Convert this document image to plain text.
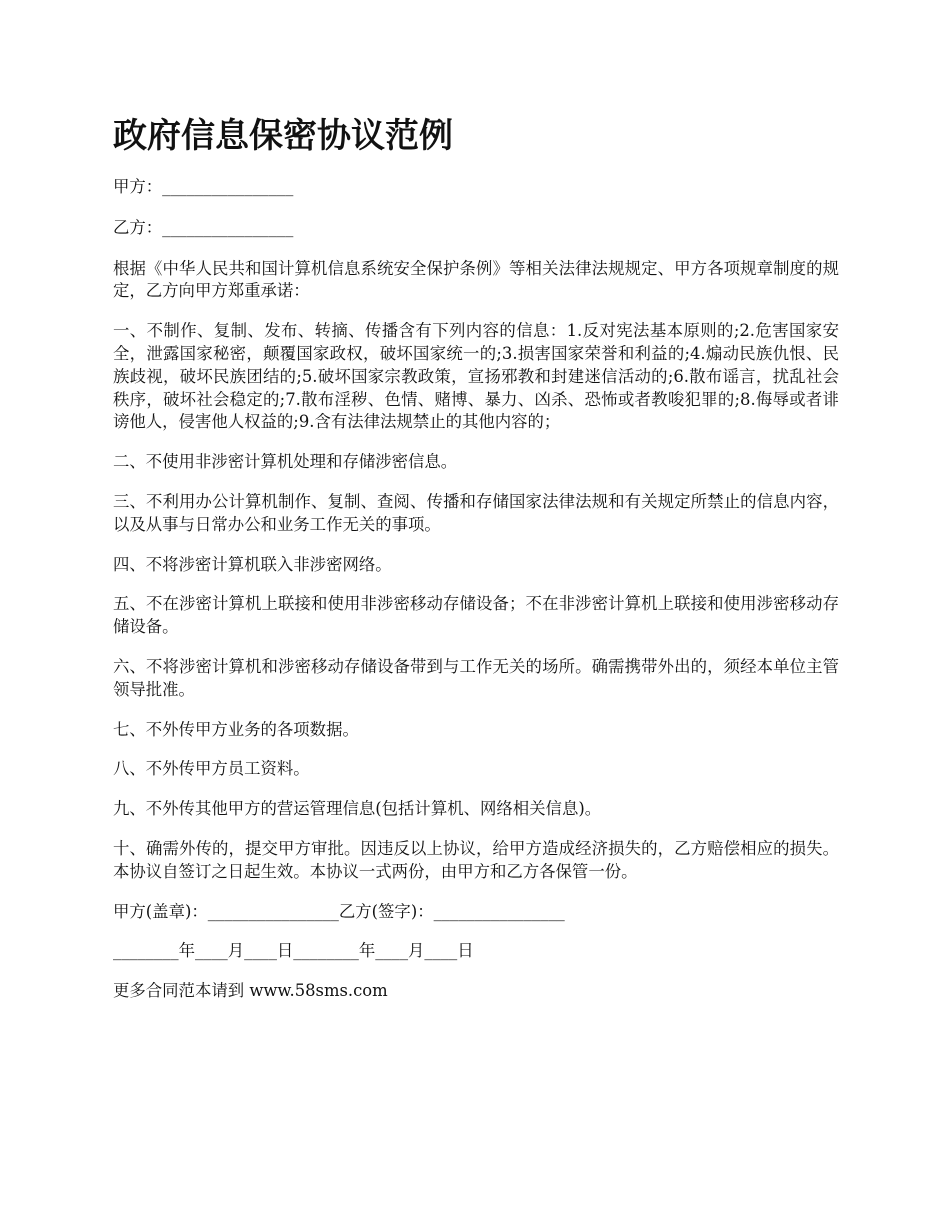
政府信息保密协议范例
甲方：________________
乙方：________________
根据《中华人民共和国计算机信息系统安全保护条例》等相关法律法规规定、甲方各项规章制度的规定，乙方向甲方郑重承诺：
一、不制作、复制、发布、转摘、传播含有下列内容的信息：1.反对宪法基本原则的;2.危害国家安全，泄露国家秘密，颠覆国家政权，破坏国家统一的;3.损害国家荣誉和利益的;4.煽动民族仇恨、民族歧视，破坏民族团结的;5.破坏国家宗教政策，宣扬邪教和封建迷信活动的;6.散布谣言，扰乱社会秩序，破坏社会稳定的;7.散布淫秽、色情、赌博、暴力、凶杀、恐怖或者教唆犯罪的;8.侮辱或者诽谤他人，侵害他人权益的;9.含有法律法规禁止的其他内容的；
二、不使用非涉密计算机处理和存储涉密信息。
三、不利用办公计算机制作、复制、查阅、传播和存储国家法律法规和有关规定所禁止的信息内容，以及从事与日常办公和业务工作无关的事项。
四、不将涉密计算机联入非涉密网络。
五、不在涉密计算机上联接和使用非涉密移动存储设备；不在非涉密计算机上联接和使用涉密移动存储设备。
六、不将涉密计算机和涉密移动存储设备带到与工作无关的场所。确需携带外出的，须经本单位主管领导批准。
七、不外传甲方业务的各项数据。
八、不外传甲方员工资料。
九、不外传其他甲方的营运管理信息(包括计算机、网络相关信息)。
十、确需外传的，提交甲方审批。因违反以上协议，给甲方造成经济损失的，乙方赔偿相应的损失。本协议自签订之日起生效。本协议一式两份，由甲方和乙方各保管一份。
甲方(盖章)：________________乙方(签字)：________________
________年____月____日________年____月____日
更多合同范本请到 www.58sms.com
